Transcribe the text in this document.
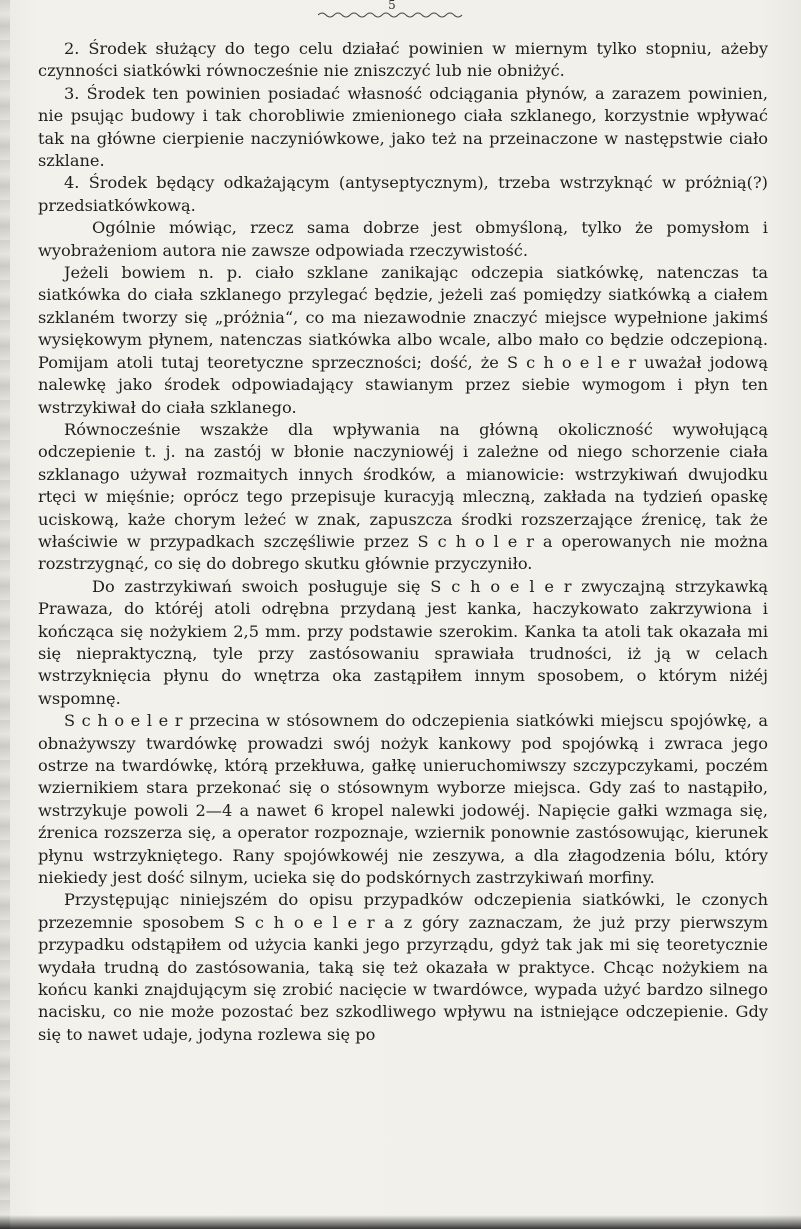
5

2. Środek służący do tego celu działać powinien w miernym tylko stopniu, ażeby czynności siatkówki równocześnie nie zniszczyć lub nie obniżyć.

3. Środek ten powinien posiadać własność odciągania płynów, a zarazem powinien, nie psując budowy i tak chorobliwie zmienionego ciała szklanego, korzystnie wpływać tak na główne cierpienie naczyniówkowe, jako też na przeinaczone w następstwie ciało szklane.

4. Środek będący odkażającym (antyseptycznym), trzeba wstrzyknąć w próżnią(?) przedsiatkówkową.

Ogólnie mówiąc, rzecz sama dobrze jest obmyśloną, tylko że pomysłom i wyobrażeniom autora nie zawsze odpowiada rzeczywistość.

Jeżeli bowiem n. p. ciało szklane zanikając odczepia siatkówkę, natenczas ta siatkówka do ciała szklanego przylegać będzie, jeżeli zaś pomiędzy siatkówką a ciałem szklaném tworzy się „próżnia“, co ma niezawodnie znaczyć miejsce wypełnione jakimś wysiękowym płynem, natenczas siatkówka albo wcale, albo mało co będzie odczepioną. Pomijam atoli tutaj teoretyczne sprzeczności; dość, że S c h o e l e r uważał jodową nalewkę jako środek odpowiadający stawianym przez siebie wymogom i płyn ten wstrzykiwał do ciała szklanego.

Równocześnie wszakże dla wpływania na główną okoliczność wywołującą odczepienie t. j. na zastój w błonie naczyniowéj i zależne od niego schorzenie ciała szklanago używał rozmaitych innych środków, a mianowicie: wstrzykiwań dwujodku rtęci w mięśnie; oprócz tego przepisuje kuracyją mleczną, zakłada na tydzień opaskę uciskową, każe chorym leżeć w znak, zapuszcza środki rozszerzające źrenicę, tak że właściwie w przypadkach szczęśliwie przez S c h o l e r a operowanych nie można rozstrzygnąć, co się do dobrego skutku głównie przyczyniło.

Do zastrzykiwań swoich posługuje się S c h o e l e r zwyczajną strzykawką Prawaza, do któréj atoli odrębna przydaną jest kanka, haczykowato zakrzywiona i kończąca się nożykiem 2,5 mm. przy podstawie szerokim. Kanka ta atoli tak okazała mi się niepraktyczną, tyle przy zastósowaniu sprawiała trudności, iż ją w celach wstrzyknięcia płynu do wnętrza oka zastąpiłem innym sposobem, o którym niżéj wspomnę.

S c h o e l e r przecina w stósownem do odczepienia siatkówki miejscu spojówkę, a obnażywszy twardówkę prowadzi swój nożyk kankowy pod spojówką i zwraca jego ostrze na twardówkę, którą przekłuwa, gałkę unieruchomiwszy szczypczykami, poczém wziernikiem stara przekonać się o stósownym wyborze miejsca. Gdy zaś to nastąpiło, wstrzykuje powoli 2—4 a nawet 6 kropel nalewki jodowéj. Napięcie gałki wzmaga się, źrenica rozszerza się, a operator rozpoznaje, wziernik ponownie zastósowując, kierunek płynu wstrzykniętego. Rany spojówkowéj nie zeszywa, a dla złagodzenia bólu, który niekiedy jest dość silnym, ucieka się do podskórnych zastrzykiwań morfiny.

Przystępując niniejszém do opisu przypadków odczepienia siatkówki, le czonych przezemnie sposobem S c h o e l e r a z góry zaznaczam, że już przy pierwszym przypadku odstąpiłem od użycia kanki jego przyrządu, gdyż tak jak mi się teoretycznie wydała trudną do zastósowania, taką się też okazała w praktyce. Chcąc nożykiem na końcu kanki znajdującym się zrobić nacięcie w twardówce, wypada użyć bardzo silnego nacisku, co nie może pozostać bez szkodliwego wpływu na istniejące odczepienie. Gdy się to nawet udaje, jodyna rozlewa się po
